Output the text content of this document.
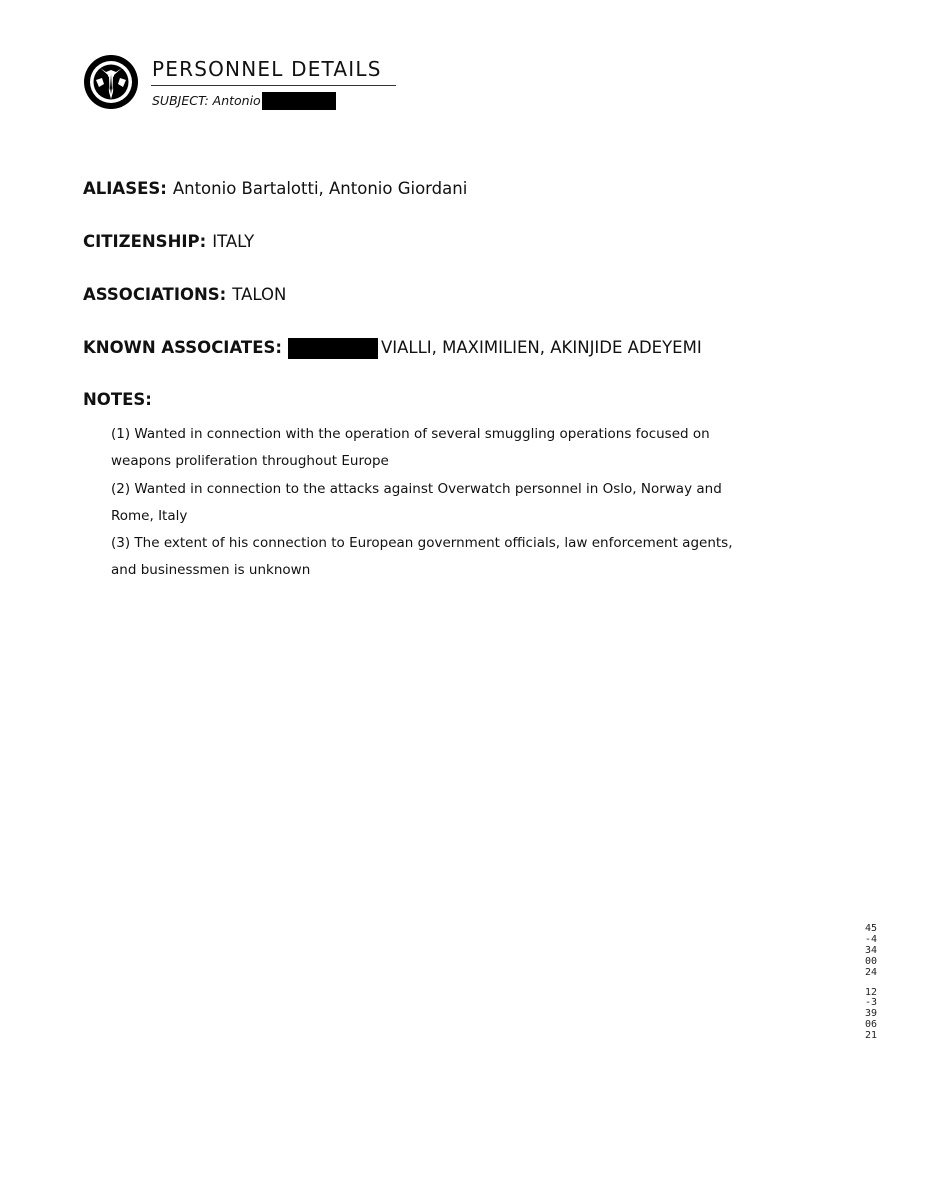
PERSONNEL DETAILS
SUBJECT: Antonio
ALIASES: Antonio Bartalotti, Antonio Giordani
CITIZENSHIP: ITALY
ASSOCIATIONS: TALON
KNOWN ASSOCIATES:	VIALLI, MAXIMILIEN, AKINJIDE ADEYEMI
NOTES:
(1) Wanted in connection with the operation of several smuggling operations focused on
weapons proliferation throughout Europe
(2) Wanted in connection to the attacks against Overwatch personnel in Oslo, Norway and
Rome, Italy
(3) The extent of his connection to European government officials, law enforcement agents,
and businessmen is unknown
45-4340024
12-3390621
